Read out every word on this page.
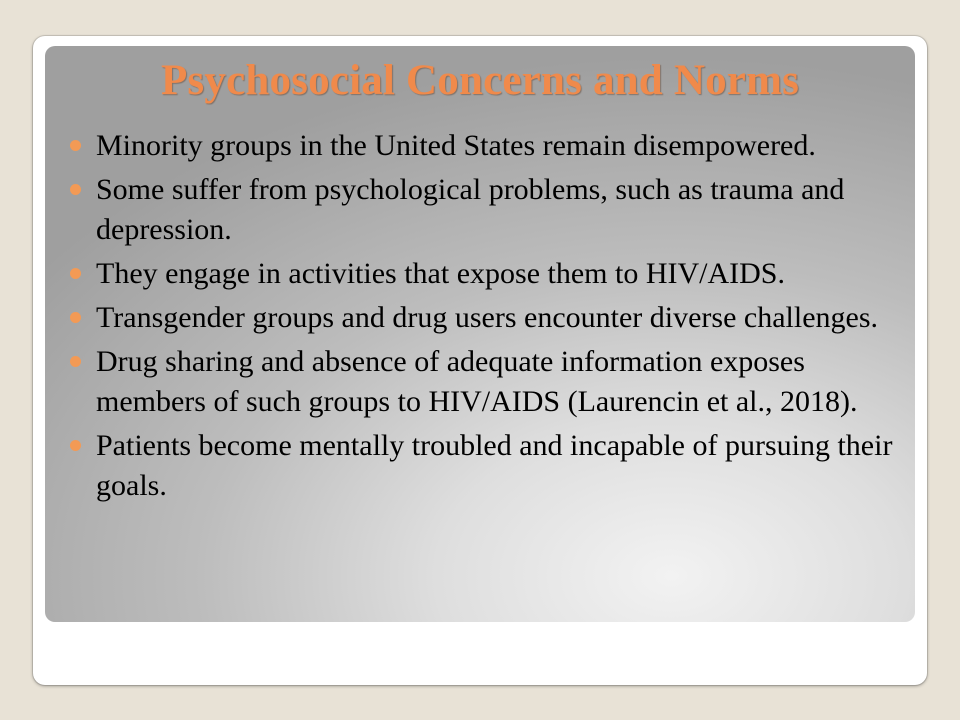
Psychosocial Concerns and Norms
Minority groups in the United States remain disempowered.
Some suffer from psychological problems, such as trauma and depression.
They engage in activities that expose them to HIV/AIDS.
Transgender groups and drug users encounter diverse challenges.
Drug sharing and absence of adequate information exposes members of such groups to HIV/AIDS (Laurencin et al., 2018).
Patients become mentally troubled and incapable of pursuing their goals.
